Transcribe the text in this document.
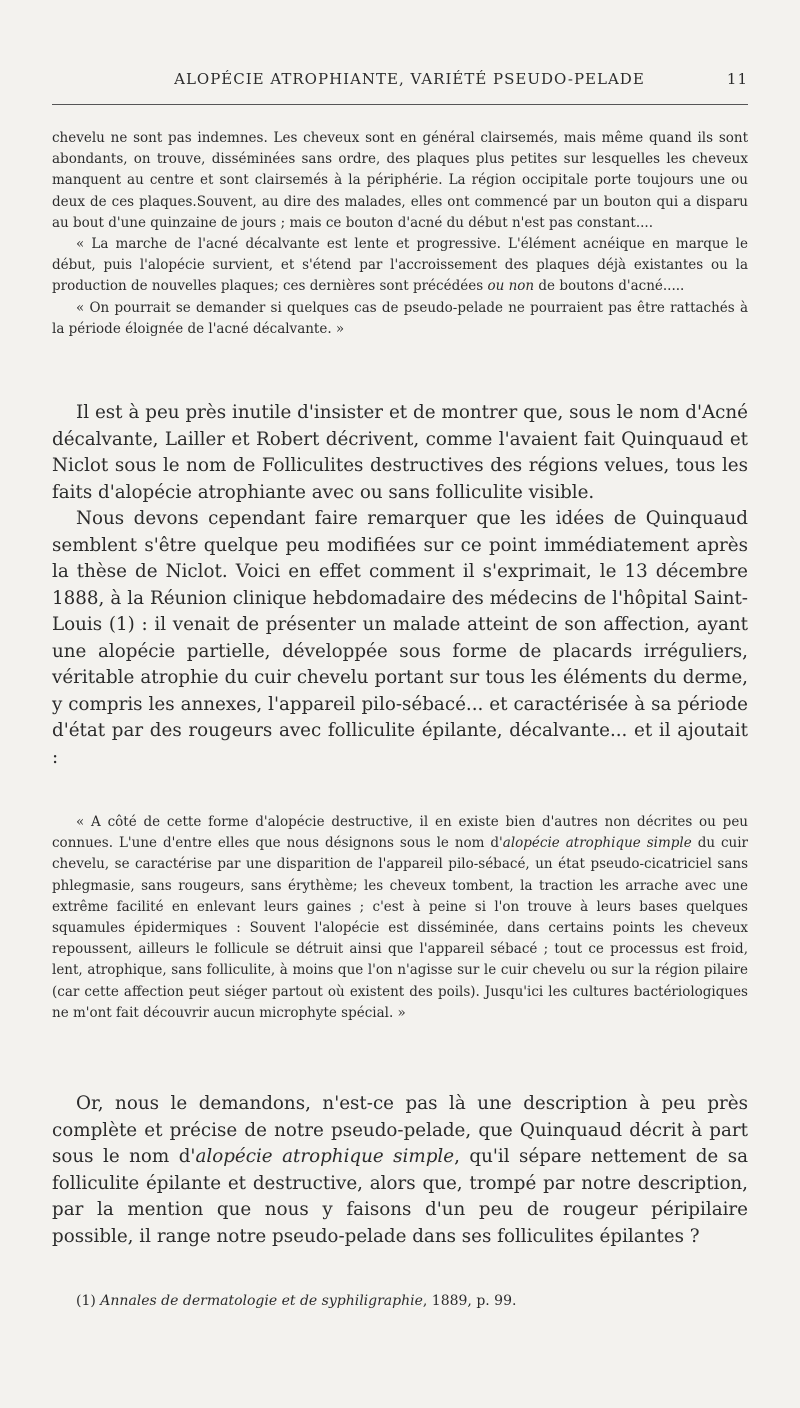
ALOPÉCIE ATROPHIANTE, VARIÉTÉ PSEUDO-PELADE	11

chevelu ne sont pas indemnes. Les cheveux sont en général clairsemés, mais même quand ils sont abondants, on trouve, disséminées sans ordre, des plaques plus petites sur lesquelles les cheveux manquent au centre et sont clairsemés à la périphérie. La région occipitale porte toujours une ou deux de ces plaques.Souvent, au dire des malades, elles ont commencé par un bouton qui a disparu au bout d'une quinzaine de jours ; mais ce bouton d'acné du début n'est pas constant....

« La marche de l'acné décalvante est lente et progressive. L'élément acnéique en marque le début, puis l'alopécie survient, et s'étend par l'accroissement des plaques déjà existantes ou la production de nouvelles plaques; ces dernières sont précédées ou non de boutons d'acné.....

« On pourrait se demander si quelques cas de pseudo-pelade ne pourraient pas être rattachés à la période éloignée de l'acné décalvante. »

Il est à peu près inutile d'insister et de montrer que, sous le nom d'Acné décalvante, Lailler et Robert décrivent, comme l'avaient fait Quinquaud et Niclot sous le nom de Folliculites destructives des régions velues, tous les faits d'alopécie atrophiante avec ou sans folliculite visible.

Nous devons cependant faire remarquer que les idées de Quinquaud semblent s'être quelque peu modifiées sur ce point immédiatement après la thèse de Niclot. Voici en effet comment il s'exprimait, le 13 décembre 1888, à la Réunion clinique hebdomadaire des médecins de l'hôpital Saint-Louis (1) : il venait de présenter un malade atteint de son affection, ayant une alopécie partielle, développée sous forme de placards irréguliers, véritable atrophie du cuir chevelu portant sur tous les éléments du derme, y compris les annexes, l'appareil pilo-sébacé... et caractérisée à sa période d'état par des rougeurs avec folliculite épilante, décalvante... et il ajoutait :

« A côté de cette forme d'alopécie destructive, il en existe bien d'autres non décrites ou peu connues. L'une d'entre elles que nous désignons sous le nom d'alopécie atrophique simple du cuir chevelu, se caractérise par une disparition de l'appareil pilo-sébacé, un état pseudo-cicatriciel sans phlegmasie, sans rougeurs, sans érythème; les cheveux tombent, la traction les arrache avec une extrême facilité en enlevant leurs gaines ; c'est à peine si l'on trouve à leurs bases quelques squamules épidermiques : Souvent l'alopécie est disséminée, dans certains points les cheveux repoussent, ailleurs le follicule se détruit ainsi que l'appareil sébacé ; tout ce processus est froid, lent, atrophique, sans folliculite, à moins que l'on n'agisse sur le cuir chevelu ou sur la région pilaire (car cette affection peut siéger partout où existent des poils). Jusqu'ici les cultures bactériologiques ne m'ont fait découvrir aucun microphyte spécial. »

Or, nous le demandons, n'est-ce pas là une description à peu près complète et précise de notre pseudo-pelade, que Quinquaud décrit à part sous le nom d'alopécie atrophique simple, qu'il sépare nettement de sa folliculite épilante et destructive, alors que, trompé par notre description, par la mention que nous y faisons d'un peu de rougeur péripilaire possible, il range notre pseudo-pelade dans ses folliculites épilantes ?

(1) Annales de dermatologie et de syphiligraphie, 1889, p. 99.
